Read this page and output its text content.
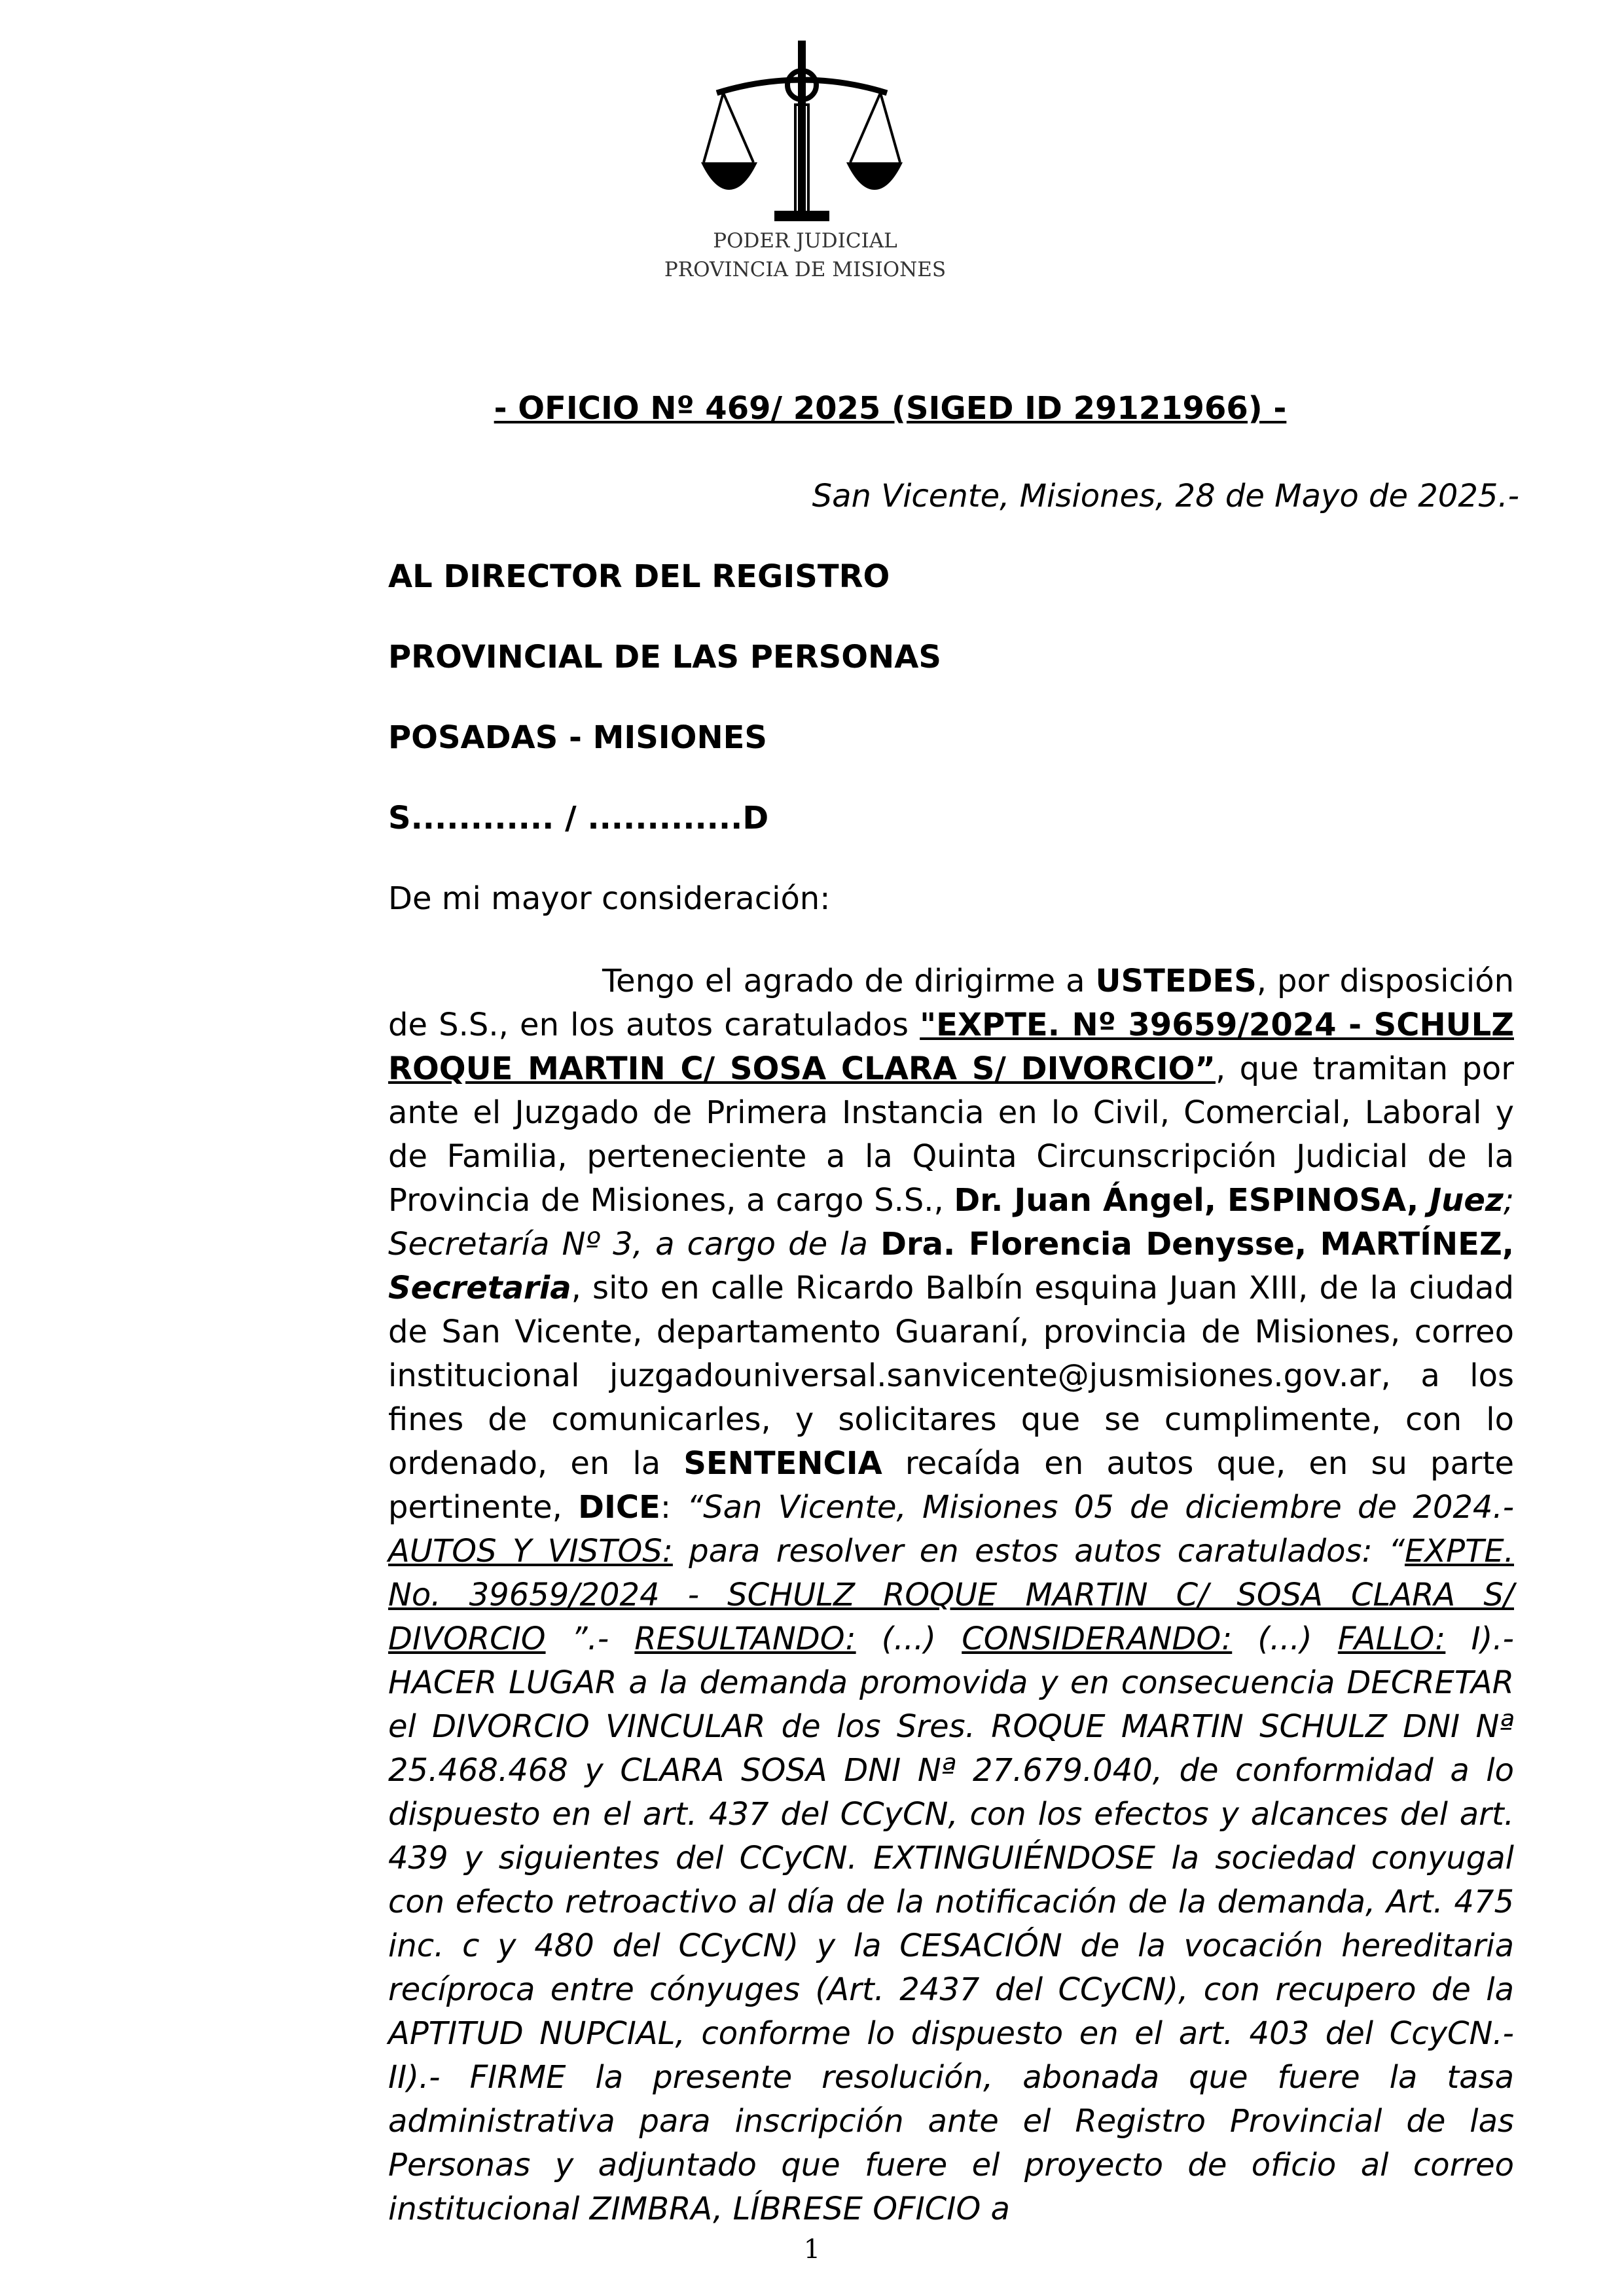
PODER JUDICIAL
PROVINCIA DE MISIONES
- OFICIO Nº 469/ 2025 (SIGED ID 29121966) -
San Vicente, Misiones, 28 de Mayo de 2025.-
AL DIRECTOR DEL REGISTRO
PROVINCIAL DE LAS PERSONAS
POSADAS - MISIONES
S............ / .............D
De mi mayor consideración:
Tengo el agrado de dirigirme a USTEDES, por disposición de S.S., en los autos caratulados "EXPTE. Nº 39659/2024 - SCHULZ ROQUE MARTIN C/ SOSA CLARA S/ DIVORCIO”, que tramitan por ante el Juzgado de Primera Instancia en lo Civil, Comercial, Laboral y de Familia, perteneciente a la Quinta Circunscripción Judicial de la Provincia de Misiones, a cargo S.S., Dr. Juan Ángel, ESPINOSA, Juez; Secretaría Nº 3, a cargo de la Dra. Florencia Denysse, MARTÍNEZ, Secretaria, sito en calle Ricardo Balbín esquina Juan XIII, de la ciudad de San Vicente, departamento Guaraní, provincia de Misiones, correo institucional juzgadouniversal.sanvicente@jusmisiones.gov.ar, a los fines de comunicarles, y solicitares que se cumplimente, con lo ordenado, en la SENTENCIA recaída en autos que, en su parte pertinente, DICE: “San Vicente, Misiones 05 de diciembre de 2024.- AUTOS Y VISTOS: para resolver en estos autos caratulados: “EXPTE. No. 39659/2024 - SCHULZ ROQUE MARTIN C/ SOSA CLARA S/ DIVORCIO ”.- RESULTANDO: (...) CONSIDERANDO: (...) FALLO: I).- HACER LUGAR a la demanda promovida y en consecuencia DECRETAR el DIVORCIO VINCULAR de los Sres. ROQUE MARTIN SCHULZ DNI Nª 25.468.468 y CLARA SOSA DNI Nª 27.679.040, de conformidad a lo dispuesto en el art. 437 del CCyCN, con los efectos y alcances del art. 439 y siguientes del CCyCN. EXTINGUIÉNDOSE la sociedad conyugal con efecto retroactivo al día de la notificación de la demanda, Art. 475 inc. c y 480 del CCyCN) y la CESACIÓN de la vocación hereditaria recíproca entre cónyuges (Art. 2437 del CCyCN), con recupero de la APTITUD NUPCIAL, conforme lo dispuesto en el art. 403 del CcyCN.- II).- FIRME la presente resolución, abonada que fuere la tasa administrativa para inscripción ante el Registro Provincial de las Personas y adjuntado que fuere el proyecto de oficio al correo institucional ZIMBRA, LÍBRESE OFICIO a
1
